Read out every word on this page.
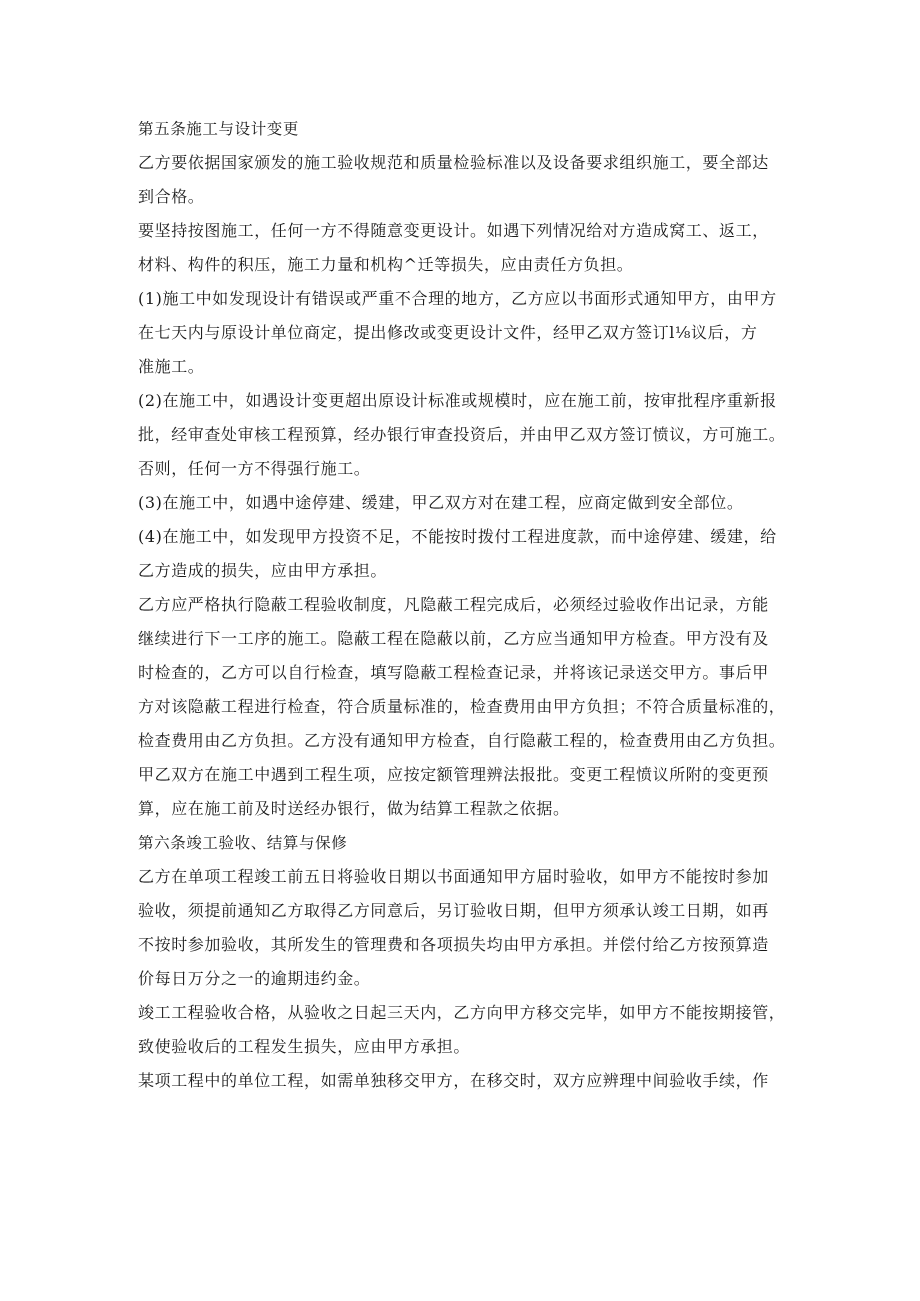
第五条施工与设计变更
乙方要依据国家颁发的施工验收规范和质量检验标准以及设备要求组织施工，要全部达
到合格。
要坚持按图施工，任何一方不得随意变更设计。如遇下列情况给对方造成窝工、返工，
材料、构件的积压，施工力量和机构^迁等损失，应由责任方负担。
(1)施工中如发现设计有错误或严重不合理的地方，乙方应以书面形式通知甲方，由甲方
在七天内与原设计单位商定，提出修改或变更设计文件，经甲乙双方签订l⅛议后，方
准施工。
(2)在施工中，如遇设计变更超出原设计标准或规模时，应在施工前，按审批程序重新报
批，经审查处审核工程预算，经办银行审查投资后，并由甲乙双方签订愤议，方可施工。
否则，任何一方不得强行施工。
(3)在施工中，如遇中途停建、缓建，甲乙双方对在建工程，应商定做到安全部位。
(4)在施工中，如发现甲方投资不足，不能按时拨付工程进度款，而中途停建、缓建，给
乙方造成的损失，应由甲方承担。
乙方应严格执行隐蔽工程验收制度，凡隐蔽工程完成后，必须经过验收作出记录，方能
继续进行下一工序的施工。隐蔽工程在隐蔽以前，乙方应当通知甲方检查。甲方没有及
时检查的，乙方可以自行检查，填写隐蔽工程检查记录，并将该记录送交甲方。事后甲
方对该隐蔽工程进行检查，符合质量标准的，检查费用由甲方负担；不符合质量标准的，
检查费用由乙方负担。乙方没有通知甲方检查，自行隐蔽工程的，检查费用由乙方负担。
甲乙双方在施工中遇到工程生项，应按定额管理辨法报批。变更工程愤议所附的变更预
算，应在施工前及时送经办银行，做为结算工程款之依据。
第六条竣工验收、结算与保修
乙方在单项工程竣工前五日将验收日期以书面通知甲方届时验收，如甲方不能按时参加
验收，须提前通知乙方取得乙方同意后，另订验收日期，但甲方须承认竣工日期，如再
不按时参加验收，其所发生的管理费和各项损失均由甲方承担。并偿付给乙方按预算造
价每日万分之一的逾期违约金。
竣工工程验收合格，从验收之日起三天内，乙方向甲方移交完毕，如甲方不能按期接管，
致使验收后的工程发生损失，应由甲方承担。
某项工程中的单位工程，如需单独移交甲方，在移交时，双方应辨理中间验收手续，作
